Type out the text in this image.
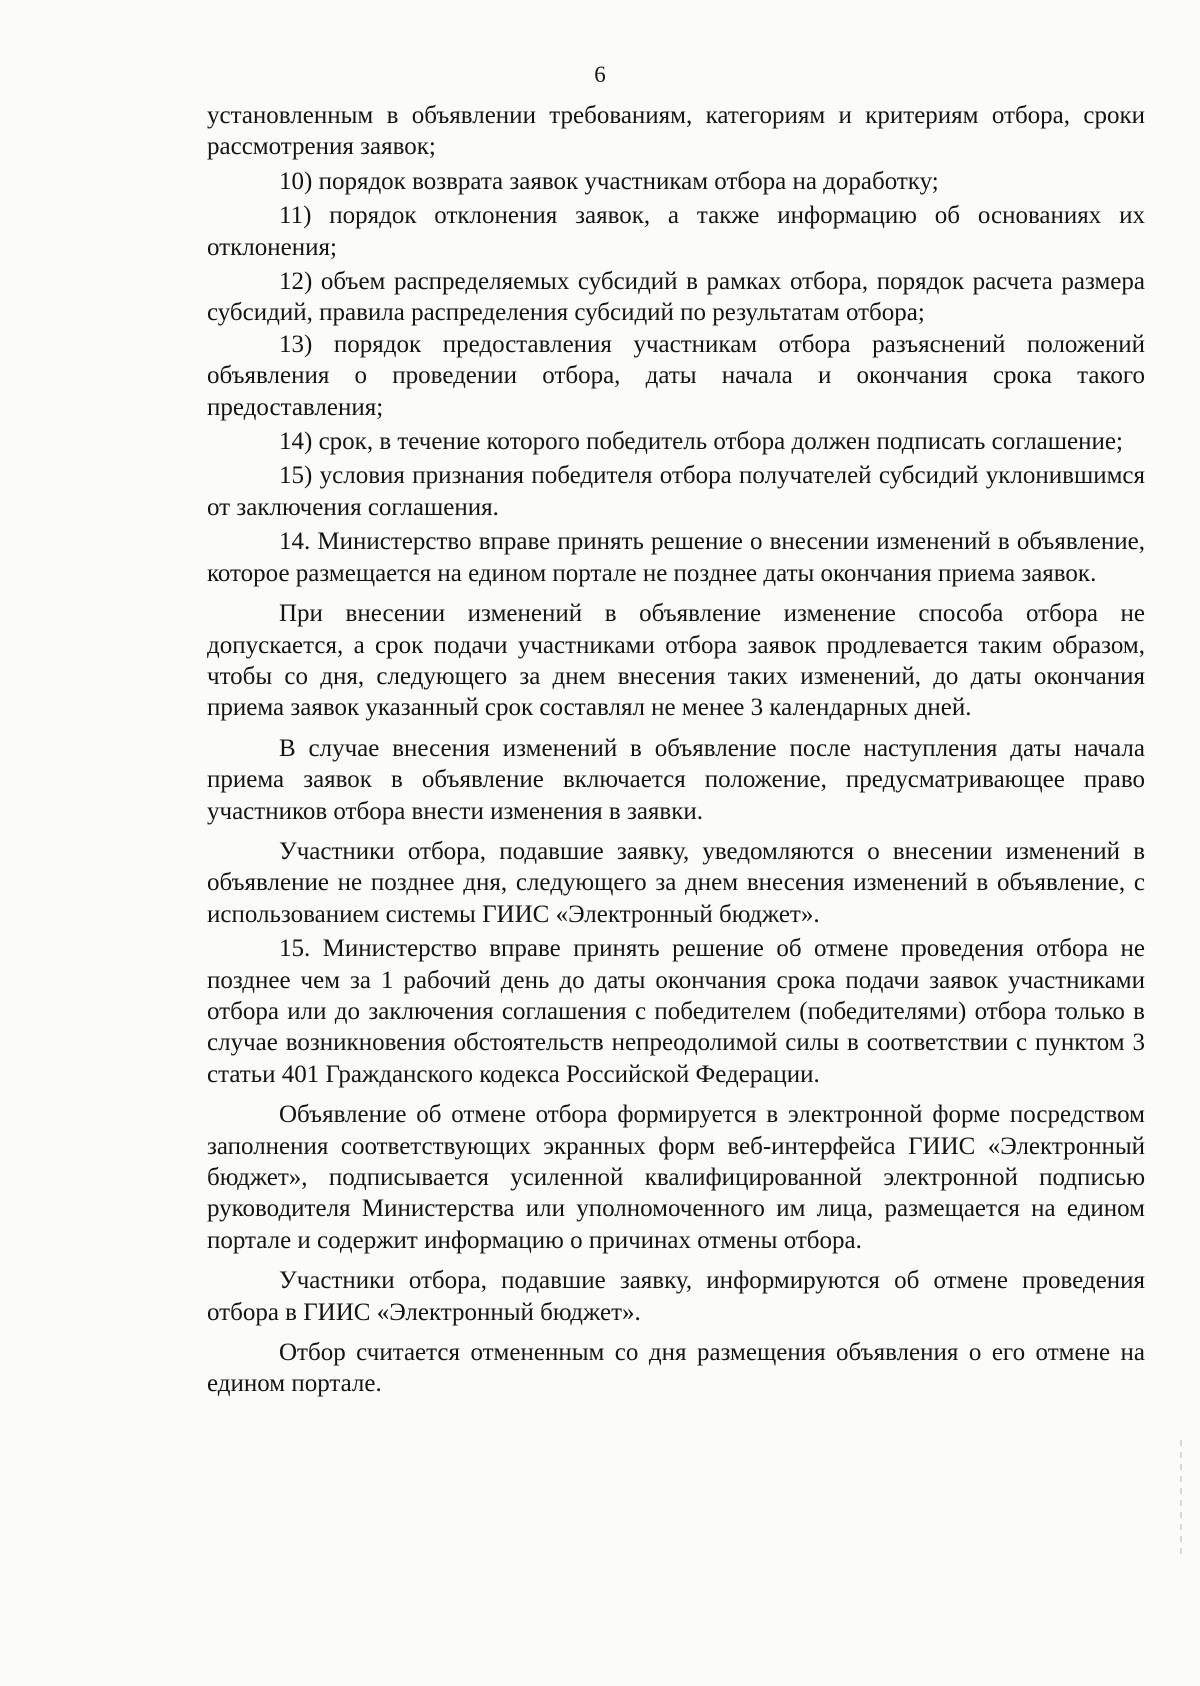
6

установленным в объявлении требованиям, категориям и критериям отбора, сроки рассмотрения заявок;

10) порядок возврата заявок участникам отбора на доработку;

11) порядок отклонения заявок, а также информацию об основаниях их отклонения;

12) объем распределяемых субсидий в рамках отбора, порядок расчета размера субсидий, правила распределения субсидий по результатам отбора;

13) порядок предоставления участникам отбора разъяснений положений объявления о проведении отбора, даты начала и окончания срока такого предоставления;

14) срок, в течение которого победитель отбора должен подписать соглашение;

15) условия признания победителя отбора получателей субсидий уклонившимся от заключения соглашения.

14. Министерство вправе принять решение о внесении изменений в объявление, которое размещается на едином портале не позднее даты окончания приема заявок.

При внесении изменений в объявление изменение способа отбора не допускается, а срок подачи участниками отбора заявок продлевается таким образом, чтобы со дня, следующего за днем внесения таких изменений, до даты окончания приема заявок указанный срок составлял не менее 3 календарных дней.

В случае внесения изменений в объявление после наступления даты начала приема заявок в объявление включается положение, предусматривающее право участников отбора внести изменения в заявки.

Участники отбора, подавшие заявку, уведомляются о внесении изменений в объявление не позднее дня, следующего за днем внесения изменений в объявление, с использованием системы ГИИС «Электронный бюджет».

15. Министерство вправе принять решение об отмене проведения отбора не позднее чем за 1 рабочий день до даты окончания срока подачи заявок участниками отбора или до заключения соглашения с победителем (победителями) отбора только в случае возникновения обстоятельств непреодолимой силы в соответствии с пунктом 3 статьи 401 Гражданского кодекса Российской Федерации.

Объявление об отмене отбора формируется в электронной форме посредством заполнения соответствующих экранных форм веб-интерфейса ГИИС «Электронный бюджет», подписывается усиленной квалифицированной электронной подписью руководителя Министерства или уполномоченного им лица, размещается на едином портале и содержит информацию о причинах отмены отбора.

Участники отбора, подавшие заявку, информируются об отмене проведения отбора в ГИИС «Электронный бюджет».

Отбор считается отмененным со дня размещения объявления о его отмене на едином портале.
